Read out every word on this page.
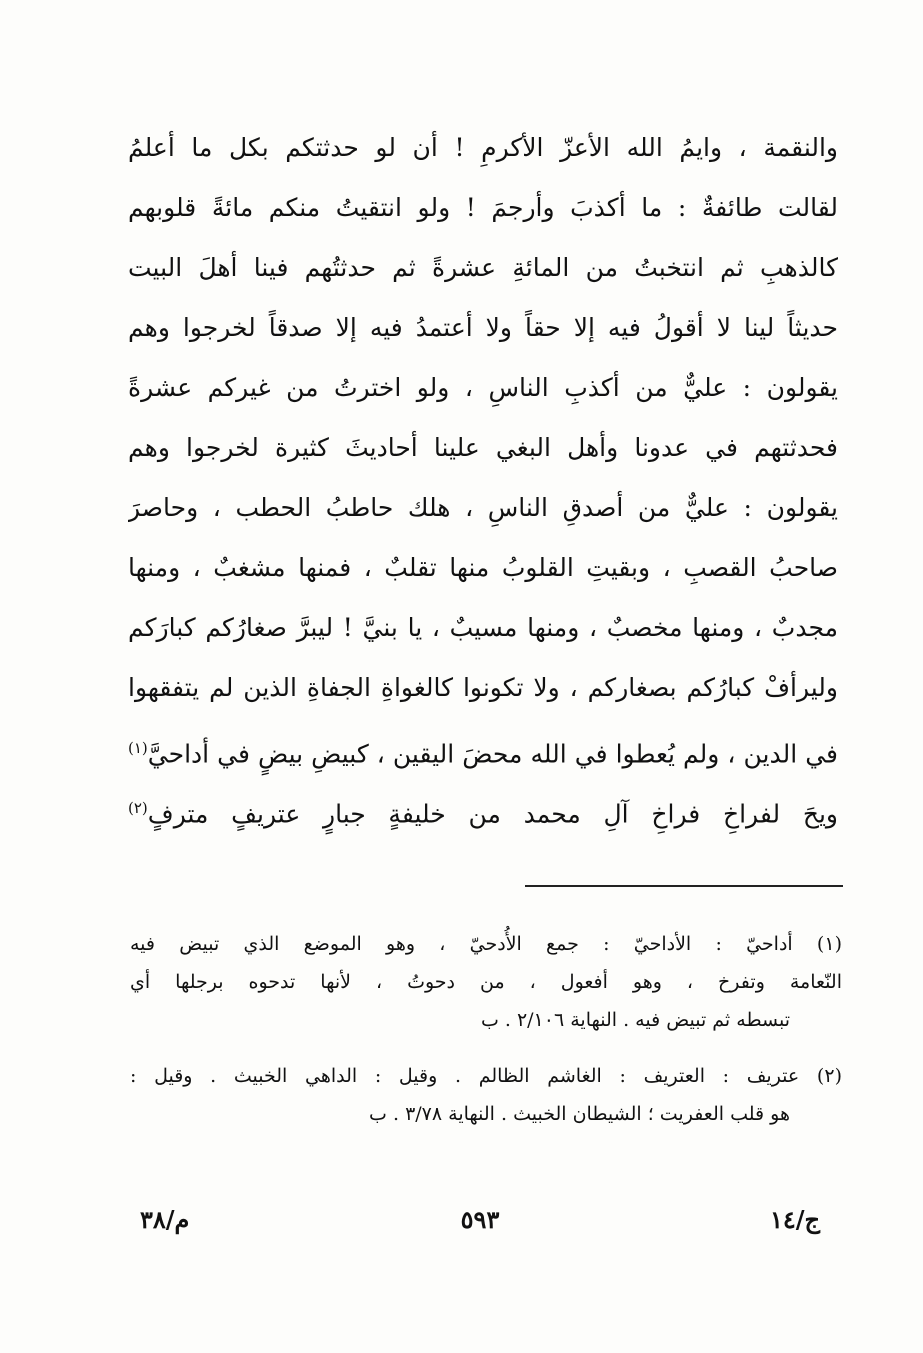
والنقمة ، وايمُ الله الأعزّ الأكرمِ ! أن لو حدثتكم بكل ما أعلمُ
لقالت طائفةٌ : ما أكذبَ وأرجمَ ! ولو انتقيتُ منكم مائةً قلوبهم
كالذهبِ ثم انتخبتُ من المائةِ عشرةً ثم حدثتُهم فينا أهلَ البيت
حديثاً لينا لا أقولُ فيه إلا حقاً ولا أعتمدُ فيه إلا صدقاً لخرجوا وهم
يقولون : عليٌّ من أكذبِ الناسِ ، ولو اخترتُ من غيركم عشرةً
فحدثتهم في عدونا وأهل البغي علينا أحاديثَ كثيرة لخرجوا وهم
يقولون : عليٌّ من أصدقِ الناسِ ، هلك حاطبُ الحطب ، وحاصرَ
صاحبُ القصبِ ، وبقيتِ القلوبُ منها تقلبٌ ، فمنها مشغبٌ ، ومنها
مجدبٌ ، ومنها مخصبٌ ، ومنها مسيبٌ ، يا بنيَّ ! ليبرَّ صغارُكم كبارَكم
وليرأفْ كبارُكم بصغاركم ، ولا تكونوا كالغواةِ الجفاةِ الذين لم يتفقهوا
في الدين ، ولم يُعطوا في الله محضَ اليقين ، كبيضِ بيضٍ في أداحيَّ$^{(١)}$
ويحَ لفراخِ فراخِ آلِ محمد من خليفةٍ جبارٍ عتريفٍ مترفٍ$^{(٢)}$
(١) أداحيّ : الأداحيّ : جمع الأُدحيّ ، وهو الموضع الذي تبيض فيه
النّعامة وتفرخ ، وهو أفعول ، من دحوتُ ، لأنها تدحوه برجلها أي
تبسطه ثم تبيض فيه . النهاية ٢/١٠٦ . ب
(٢) عتريف : العتريف : الغاشم الظالم . وقيل : الداهي الخبيث . وقيل :
هو قلب العفريت ؛ الشيطان الخبيث . النهاية ٣/٧٨ . ب
م/٣٨	٥٩٣	ج/١٤
